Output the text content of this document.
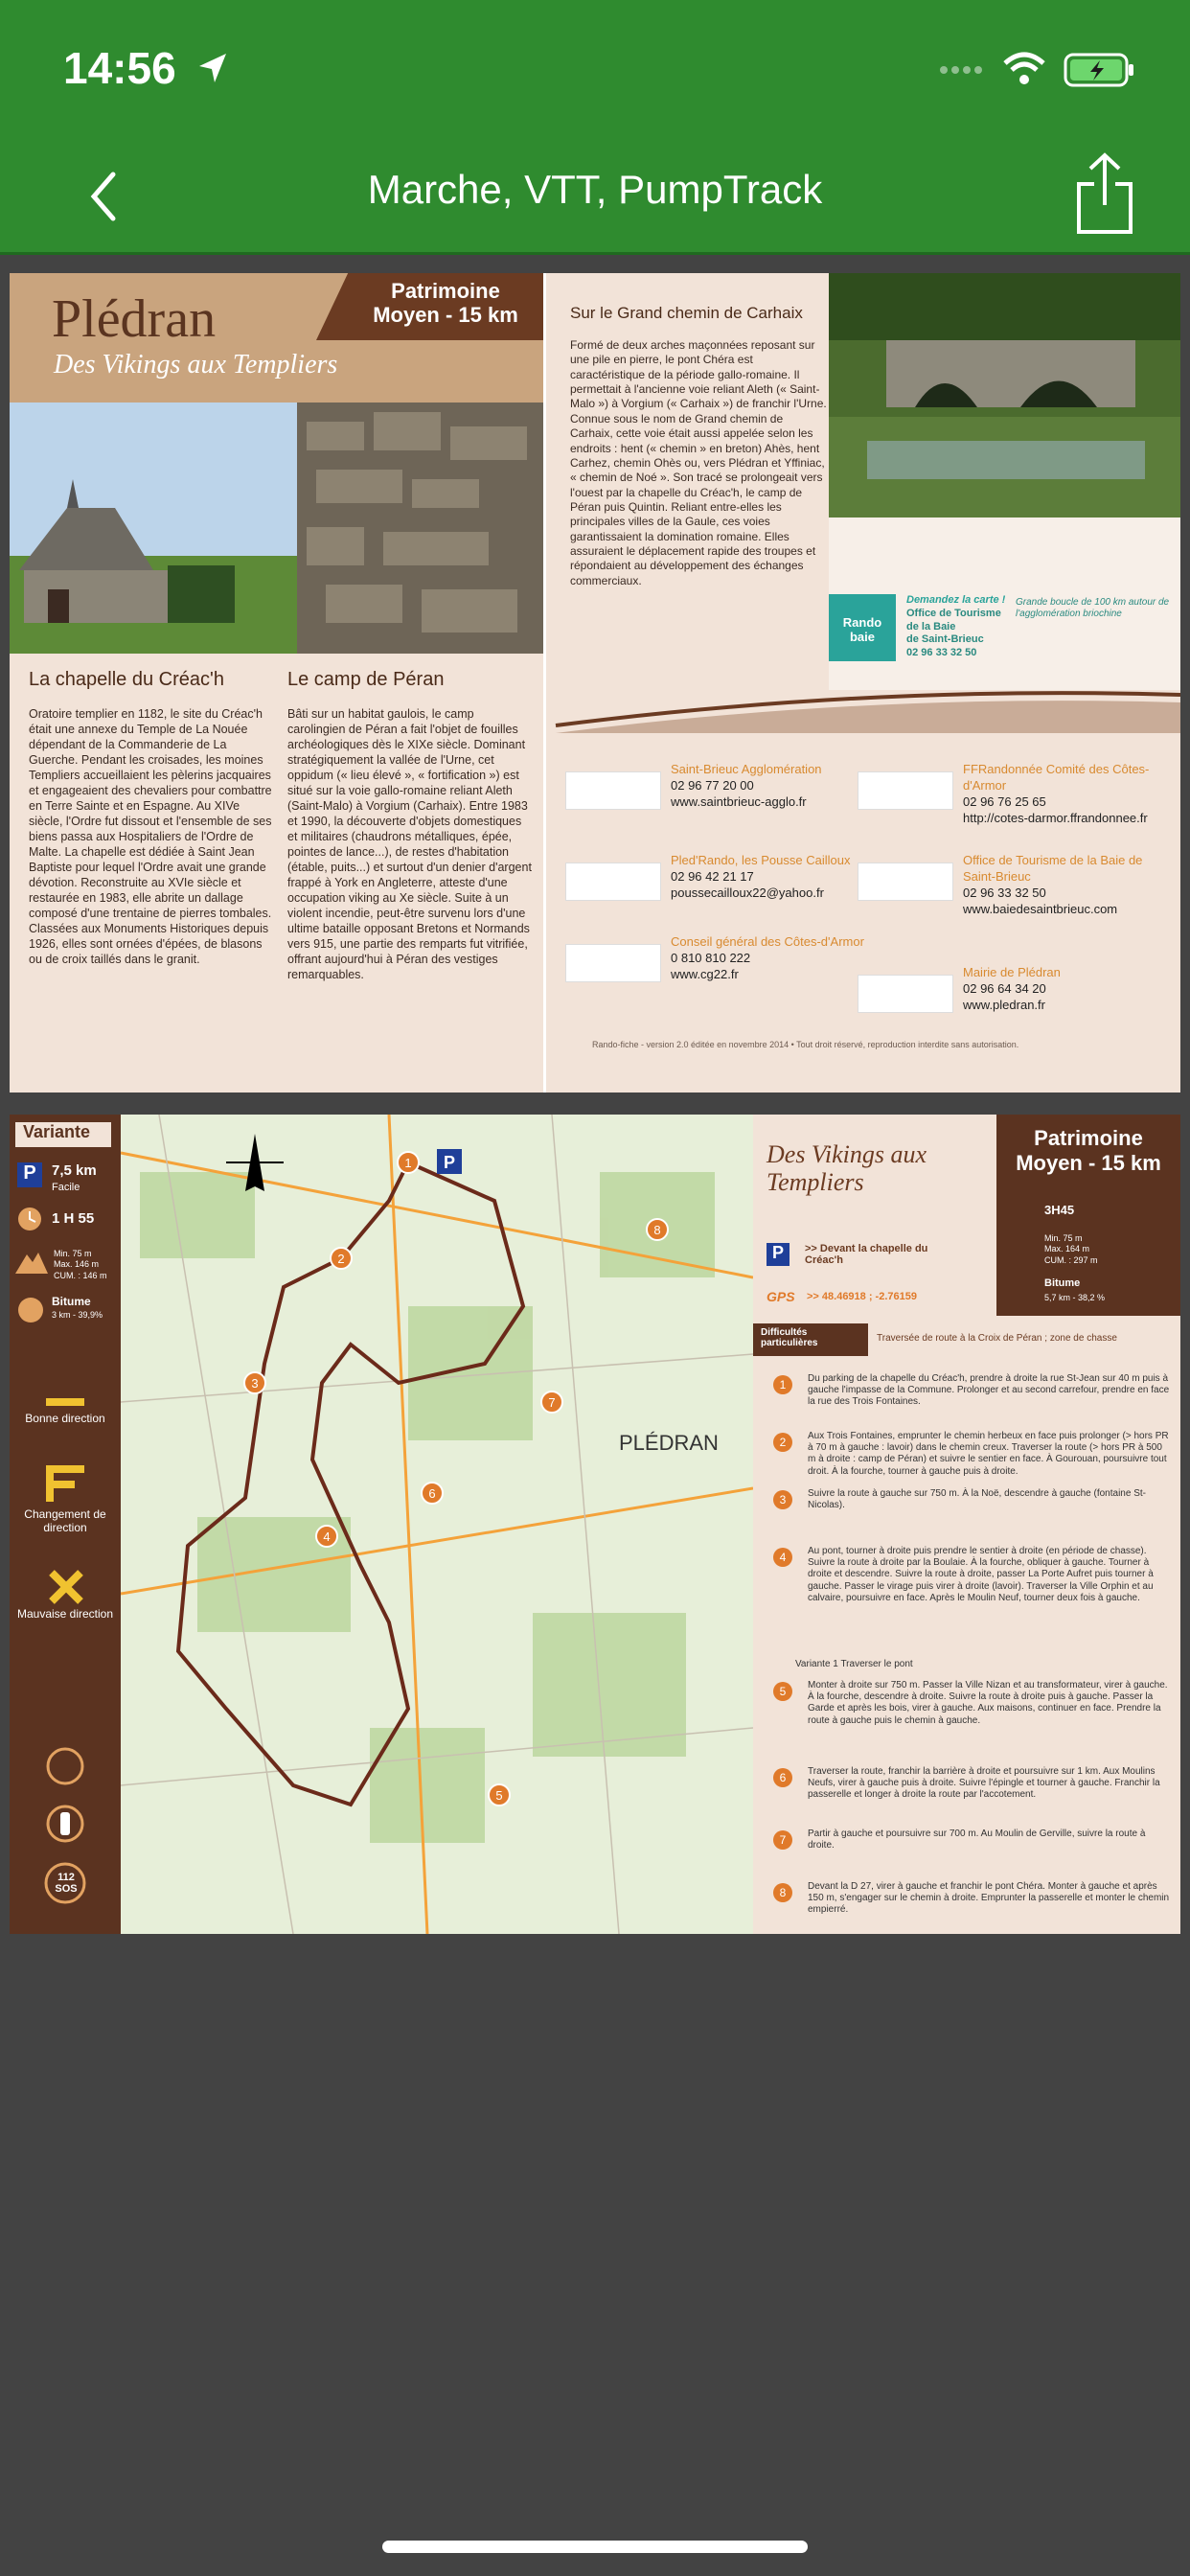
14:56
Marche, VTT, PumpTrack
Plédran
Des Vikings aux Templiers
Patrimoine
Moyen - 15 km
La chapelle du Créac'h
Oratoire templier en 1182, le site du Créac'h était une annexe du Temple de La Nouée dépendant de la Commanderie de La Guerche. Pendant les croisades, les moines Templiers accueillaient les pèlerins jacquaires et engageaient des chevaliers pour combattre en Terre Sainte et en Espagne. Au XIVe siècle, l'Ordre fut dissout et l'ensemble de ses biens passa aux Hospitaliers de l'Ordre de Malte. La chapelle est dédiée à Saint Jean Baptiste pour lequel l'Ordre avait une grande dévotion. Reconstruite au XVIe siècle et restaurée en 1983, elle abrite un dallage composé d'une trentaine de pierres tombales. Classées aux Monuments Historiques depuis 1926, elles sont ornées d'épées, de blasons ou de croix taillés dans le granit.
Le camp de Péran
Bâti sur un habitat gaulois, le camp carolingien de Péran a fait l'objet de fouilles archéologiques dès le XIXe siècle. Dominant stratégiquement la vallée de l'Urne, cet oppidum (« lieu élevé », « fortification ») est situé sur la voie gallo-romaine reliant Aleth (Saint-Malo) à Vorgium (Carhaix). Entre 1983 et 1990, la découverte d'objets domestiques et militaires (chaudrons métalliques, épée, pointes de lance...), de restes d'habitation (étable, puits...) et surtout d'un denier d'argent frappé à York en Angleterre, atteste d'une occupation viking au Xe siècle. Suite à un violent incendie, peut-être survenu lors d'une ultime bataille opposant Bretons et Normands vers 915, une partie des remparts fut vitrifiée, offrant aujourd'hui à Péran des vestiges remarquables.
Sur le Grand chemin de Carhaix
Formé de deux arches maçonnées reposant sur une pile en pierre, le pont Chéra est caractéristique de la période gallo-romaine. Il permettait à l'ancienne voie reliant Aleth (« Saint-Malo ») à Vorgium (« Carhaix ») de franchir l'Urne. Connue sous le nom de Grand chemin de Carhaix, cette voie était aussi appelée selon les endroits : hent (« chemin » en breton) Ahès, hent Carhez, chemin Ohès ou, vers Plédran et Yffiniac, « chemin de Noé ». Son tracé se prolongeait vers l'ouest par la chapelle du Créac'h, le camp de Péran puis Quintin. Reliant entre-elles les principales villes de la Gaule, ces voies garantissaient la domination romaine. Elles assuraient le déplacement rapide des troupes et répondaient au développement des échanges commerciaux.
Rando baie
Demandez la carte !
Office de Tourisme
de la Baie
de Saint-Brieuc
02 96 33 32 50
Grande boucle de 100 km autour de l'agglomération briochine
Rando-fiche - version 2.0 éditée en novembre 2014 • Tout droit réservé, reproduction interdite sans autorisation.
Saint-Brieuc Agglomération
02 96 77 20 00
www.saintbrieuc-agglo.fr
FFRandonnée Comité des Côtes-d'Armor
02 96 76 25 65
http://cotes-darmor.ffrandonnee.fr
Pled'Rando, les Pousse Cailloux
02 96 42 21 17
poussecailloux22@yahoo.fr
Office de Tourisme de la Baie de Saint-Brieuc
02 96 33 32 50
www.baiedesaintbrieuc.com
Conseil général des Côtes-d'Armor
0 810 810 222
www.cg22.fr	Mairie de Plédran
02 96 64 34 20
www.pledran.fr
Variante
P	7,5 km
Facile
1 H 55
Min. 75 m
Max. 146 m
CUM. : 146 m
Bitume
3 km - 39,9%
Bonne direction
Changement de direction
Mauvaise direction
112 SOS
PLÉDRAN
1
2
3
4
5
6
7
8
P	Des Vikings aux Templiers
Patrimoine
Moyen - 15 km
3H45
Min. 75 m
Max. 164 m
CUM. : 297 m
Bitume
5,7 km - 38,2 %
P	>> Devant la chapelle du Créac'h
GPS >> 48.46918 ; -2.76159
Difficultés particulières	Traversée de route à la Croix de Péran ; zone de chasse
Variante 1 Traverser le pont
1	Du parking de la chapelle du Créac'h, prendre à droite la rue St-Jean sur 40 m puis à gauche l'impasse de la Commune. Prolonger et au second carrefour, prendre en face la rue des Trois Fontaines.
2	Aux Trois Fontaines, emprunter le chemin herbeux en face puis prolonger (> hors PR à 70 m à gauche : lavoir) dans le chemin creux. Traverser la route (> hors PR à 500 m à droite : camp de Péran) et suivre le sentier en face. À Gourouan, poursuivre tout droit. À la fourche, tourner à gauche puis à droite.
3	Suivre la route à gauche sur 750 m. À la Noë, descendre à gauche (fontaine St-Nicolas).
4	Au pont, tourner à droite puis prendre le sentier à droite (en période de chasse). Suivre la route à droite par la Boulaie. À la fourche, obliquer à gauche. Tourner à droite et descendre. Suivre la route à droite, passer La Porte Aufret puis tourner à gauche. Passer le virage puis virer à droite (lavoir). Traverser la Ville Orphin et au calvaire, poursuivre en face. Après le Moulin Neuf, tourner deux fois à gauche.
5	Monter à droite sur 750 m. Passer la Ville Nizan et au transformateur, virer à gauche. À la fourche, descendre à droite. Suivre la route à droite puis à gauche. Passer la Garde et après les bois, virer à gauche. Aux maisons, continuer en face. Prendre la route à gauche puis le chemin à gauche.
6	Traverser la route, franchir la barrière à droite et poursuivre sur 1 km. Aux Moulins Neufs, virer à gauche puis à droite. Suivre l'épingle et tourner à gauche. Franchir la passerelle et longer à droite la route par l'accotement.
7	Partir à gauche et poursuivre sur 700 m. Au Moulin de Gerville, suivre la route à droite.
8	Devant la D 27, virer à gauche et franchir le pont Chéra. Monter à gauche et après 150 m, s'engager sur le chemin à droite. Emprunter la passerelle et monter le chemin empierré.
